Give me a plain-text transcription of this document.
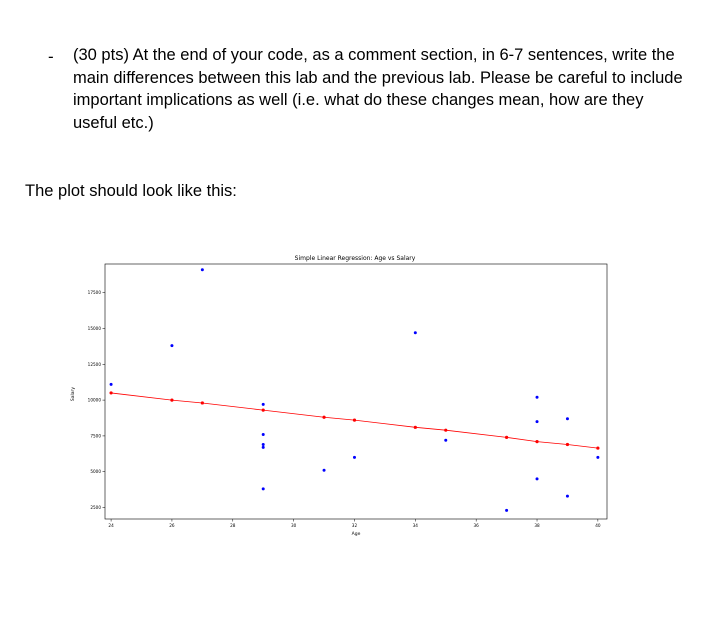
- (30 pts) At the end of your code, as a comment section, in 6-7 sentences, write the main differences between this lab and the previous lab. Please be careful to include important implications as well (i.e. what do these changes mean, how are they useful etc.)
The plot should look like this:
Simple Linear Regression: Age vs Salary
24	26	28	30	32	34	36	38	40
2500
5000
7500
10000
12500
15000
17500
Age
Salary
